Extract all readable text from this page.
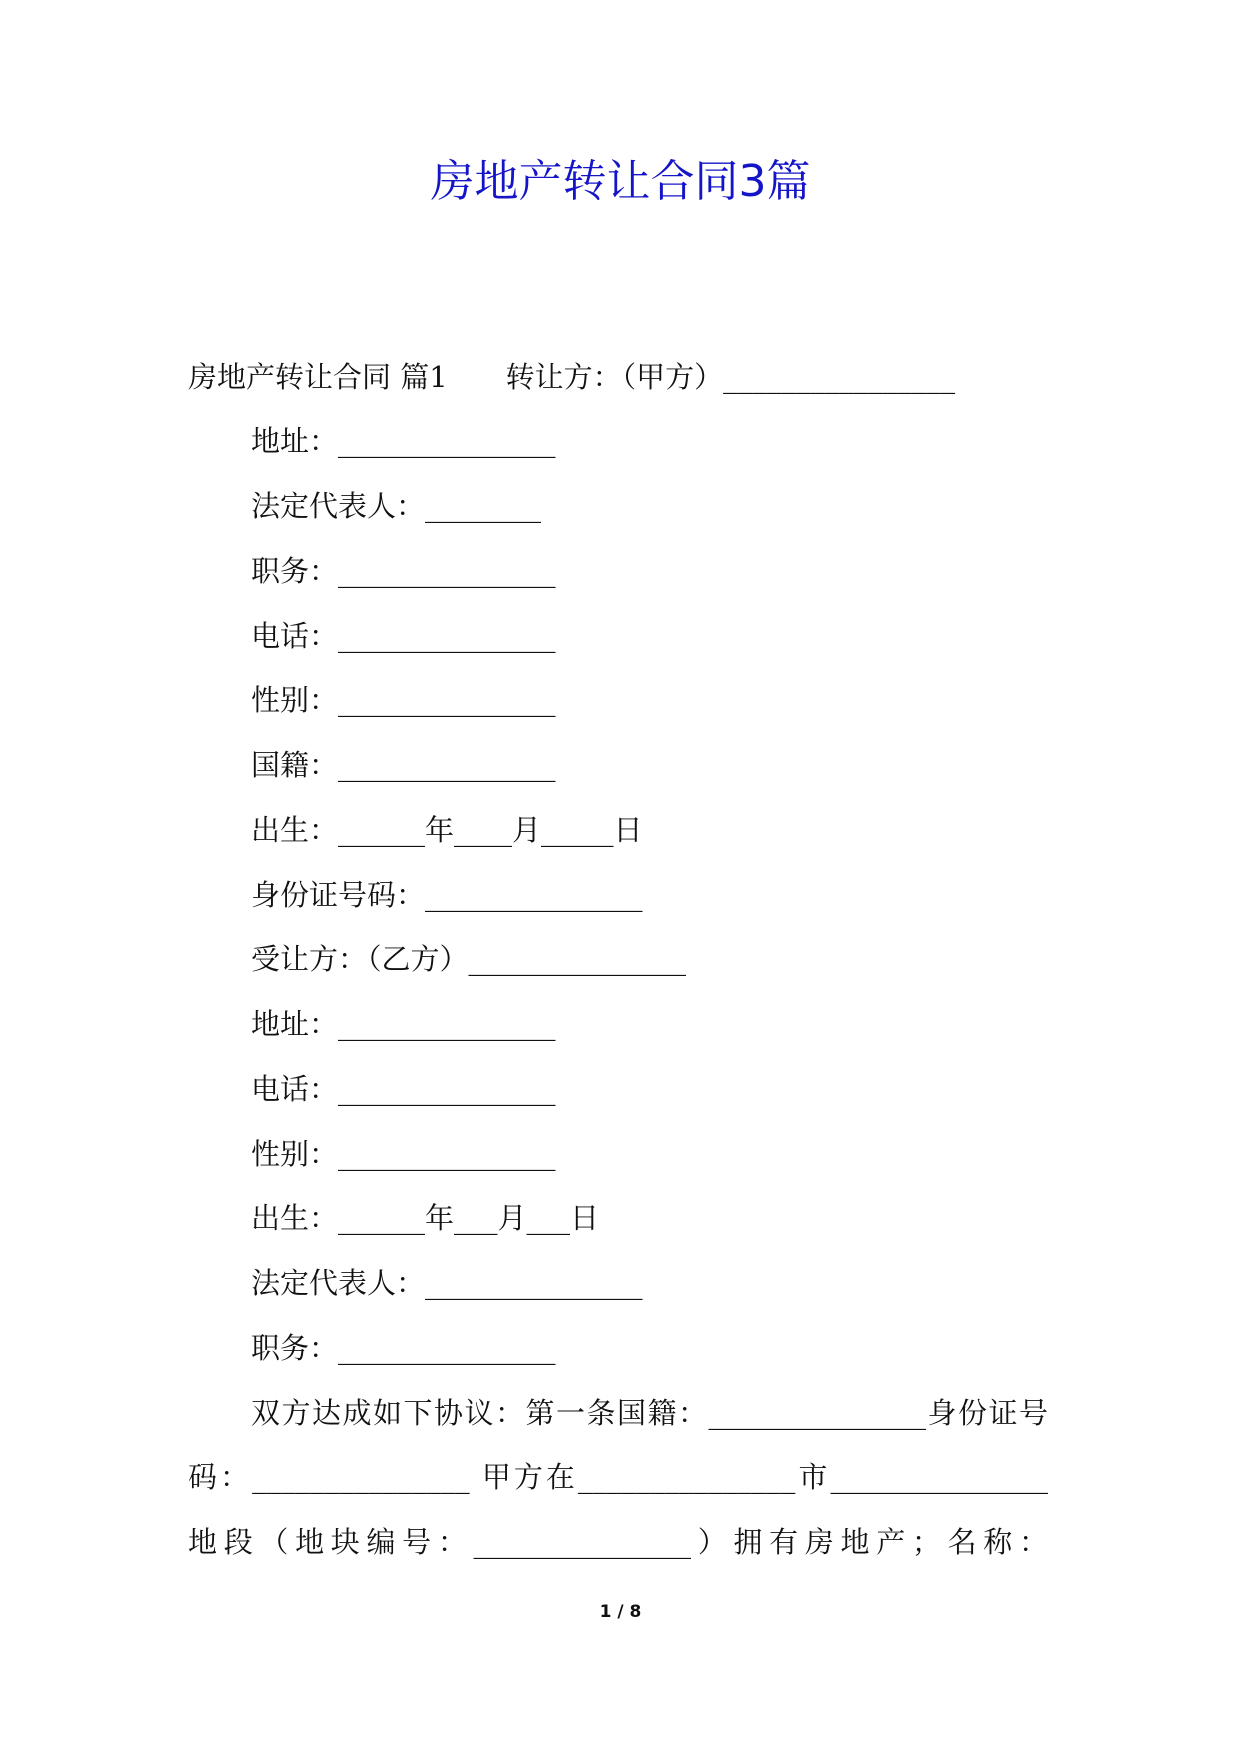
房地产转让合同3篇
房地产转让合同 篇1　　转让方：（甲方）________________
地址：_______________
法定代表人：________
职务：_______________
电话：_______________
性别：_______________
国籍：_______________
出生：______年____月_____日
身份证号码：_______________
受让方：（乙方）_______________
地址：_______________
电话：_______________
性别：_______________
出生：______年___月___日
法定代表人：_______________
职务：_______________
双方达成如下协议：第一条国籍：_______________身份证号
码：_______________ 甲方在_______________市_______________
地段（地块编号：_______________）拥有房地产；名称：
1 / 8
